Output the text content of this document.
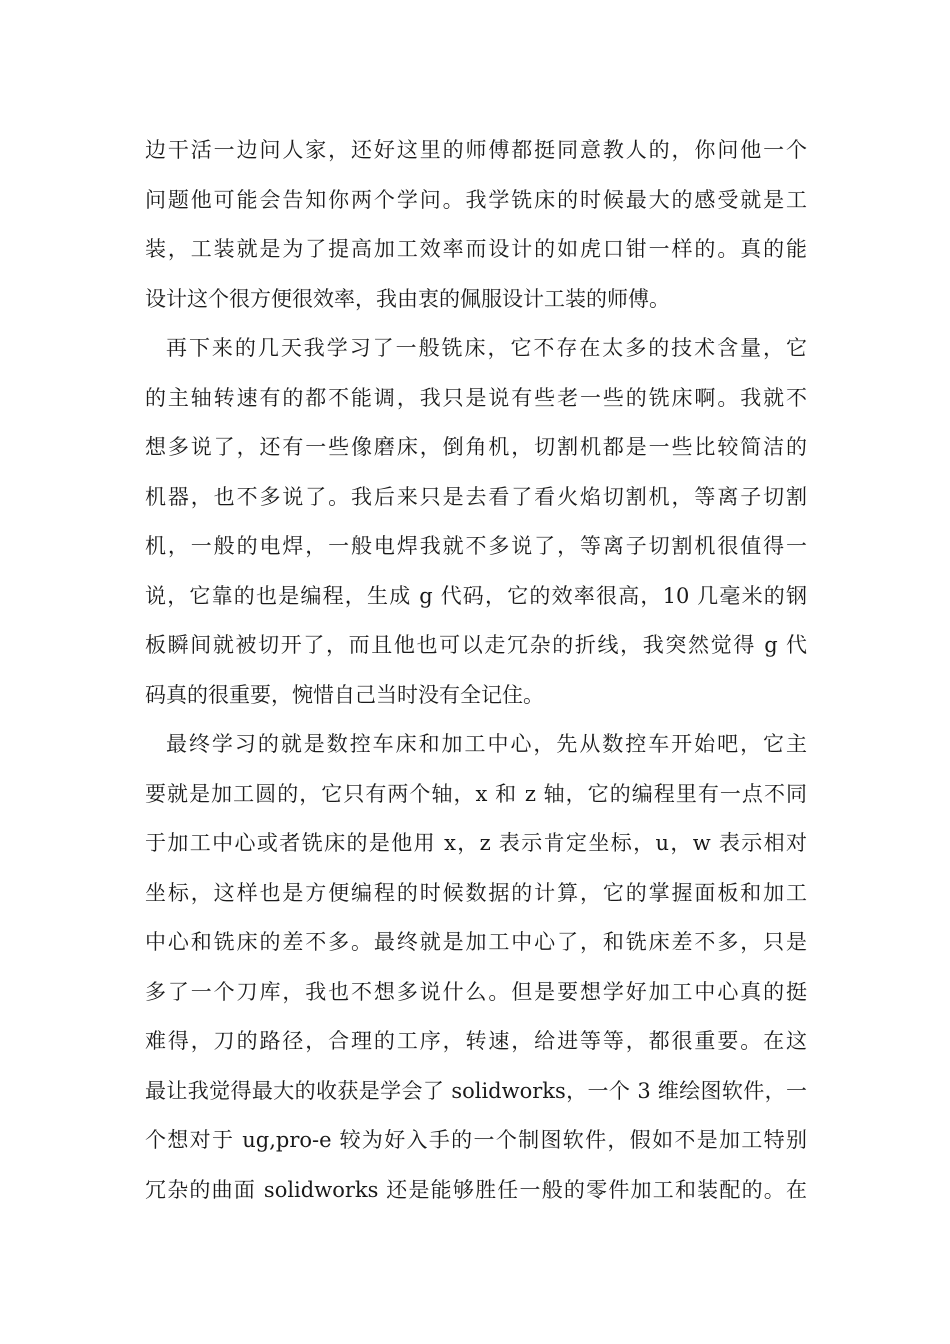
边干活一边问人家，还好这里的师傅都挺同意教人的，你问他一个
问题他可能会告知你两个学问。我学铣床的时候最大的感受就是工
装，工装就是为了提高加工效率而设计的如虎口钳一样的。真的能
设计这个很方便很效率，我由衷的佩服设计工装的师傅。
再下来的几天我学习了一般铣床，它不存在太多的技术含量，它
的主轴转速有的都不能调，我只是说有些老一些的铣床啊。我就不
想多说了，还有一些像磨床，倒角机，切割机都是一些比较简洁的
机器，也不多说了。我后来只是去看了看火焰切割机，等离子切割
机，一般的电焊，一般电焊我就不多说了，等离子切割机很值得一
说，它靠的也是编程，生成 g 代码，它的效率很高，10 几毫米的钢
板瞬间就被切开了，而且他也可以走冗杂的折线，我突然觉得 g 代
码真的很重要，惋惜自己当时没有全记住。
最终学习的就是数控车床和加工中心，先从数控车开始吧，它主
要就是加工圆的，它只有两个轴，x 和 z 轴，它的编程里有一点不同
于加工中心或者铣床的是他用 x，z 表示肯定坐标，u，w 表示相对
坐标，这样也是方便编程的时候数据的计算，它的掌握面板和加工
中心和铣床的差不多。最终就是加工中心了，和铣床差不多，只是
多了一个刀库，我也不想多说什么。但是要想学好加工中心真的挺
难得，刀的路径，合理的工序，转速，给进等等，都很重要。在这
最让我觉得最大的收获是学会了 solidworks，一个 3 维绘图软件，一
个想对于 ug,pro-e 较为好入手的一个制图软件，假如不是加工特别
冗杂的曲面 solidworks 还是能够胜任一般的零件加工和装配的。在
